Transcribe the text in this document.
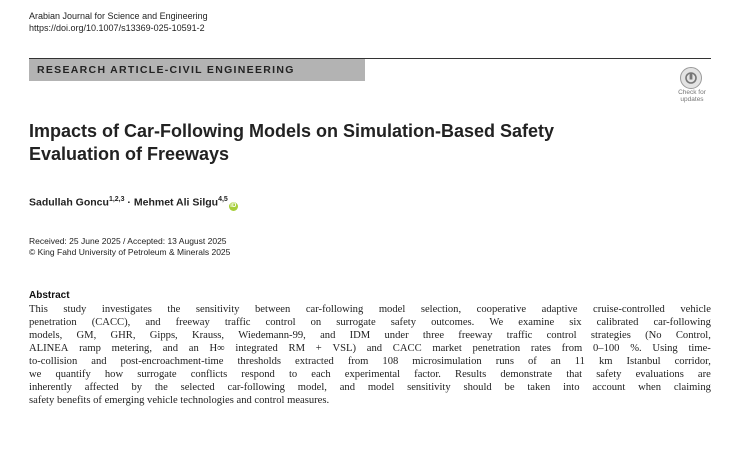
Arabian Journal for Science and Engineering
https://doi.org/10.1007/s13369-025-10591-2
RESEARCH ARTICLE-CIVIL ENGINEERING
Check for
updates
Impacts of Car-Following Models on Simulation-Based Safety
Evaluation of Freeways
Sadullah Goncu$^{1,2,3}$ · Mehmet Ali Silgu$^{4,5}$iD
Received: 25 June 2025 / Accepted: 13 August 2025
© King Fahd University of Petroleum & Minerals 2025
Abstract
This study investigates the sensitivity between car-following model selection, cooperative adaptive cruise-controlled vehicle
penetration (CACC), and freeway traffic control on surrogate safety outcomes. We examine six calibrated car-following
models, GM, GHR, Gipps, Krauss, Wiedemann-99, and IDM under three freeway traffic control strategies (No Control,
ALINEA ramp metering, and an H∞ integrated RM + VSL) and CACC market penetration rates from 0–100 %. Using time-
to-collision and post-encroachment-time thresholds extracted from 108 microsimulation runs of an 11 km Istanbul corridor,
we quantify how surrogate conflicts respond to each experimental factor. Results demonstrate that safety evaluations are
inherently affected by the selected car-following model, and model sensitivity should be taken into account when claiming
safety benefits of emerging vehicle technologies and control measures.
